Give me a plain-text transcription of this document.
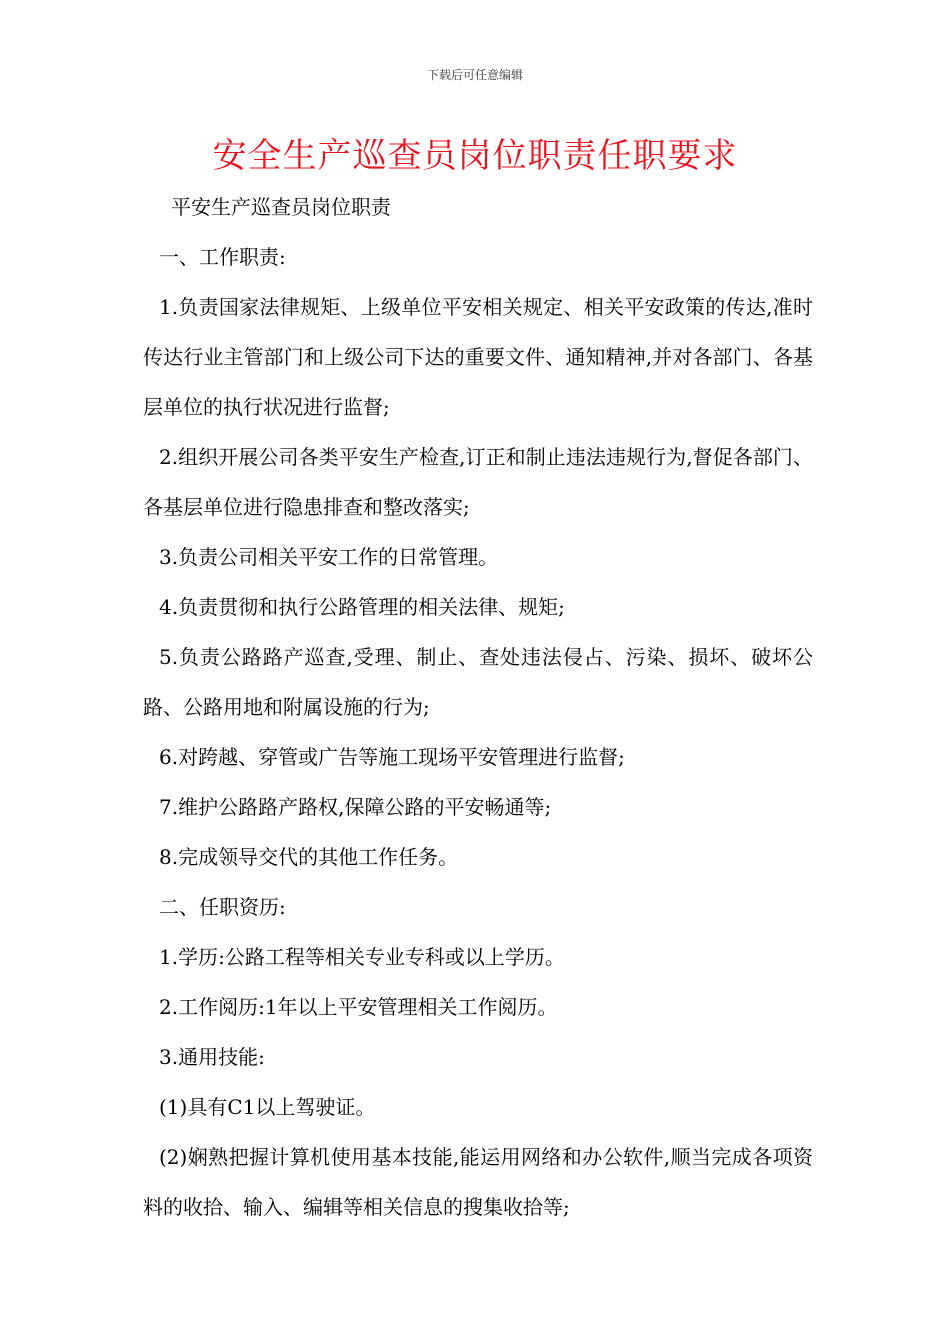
下载后可任意编辑
安全生产巡查员岗位职责任职要求

平安生产巡查员岗位职责

一、工作职责:

1.负责国家法律规矩、上级单位平安相关规定、相关平安政策的传达,准时传达行业主管部门和上级公司下达的重要文件、通知精神,并对各部门、各基层单位的执行状况进行监督;

2.组织开展公司各类平安生产检查,订正和制止违法违规行为,督促各部门、各基层单位进行隐患排查和整改落实;

3.负责公司相关平安工作的日常管理。

4.负责贯彻和执行公路管理的相关法律、规矩;

5.负责公路路产巡查,受理、制止、查处违法侵占、污染、损坏、破坏公路、公路用地和附属设施的行为;

6.对跨越、穿管或广告等施工现场平安管理进行监督;

7.维护公路路产路权,保障公路的平安畅通等;

8.完成领导交代的其他工作任务。

二、任职资历:

1.学历:公路工程等相关专业专科或以上学历。

2.工作阅历:1年以上平安管理相关工作阅历。

3.通用技能:

(1)具有C1以上驾驶证。

(2)娴熟把握计算机使用基本技能,能运用网络和办公软件,顺当完成各项资料的收拾、输入、编辑等相关信息的搜集收拾等;
